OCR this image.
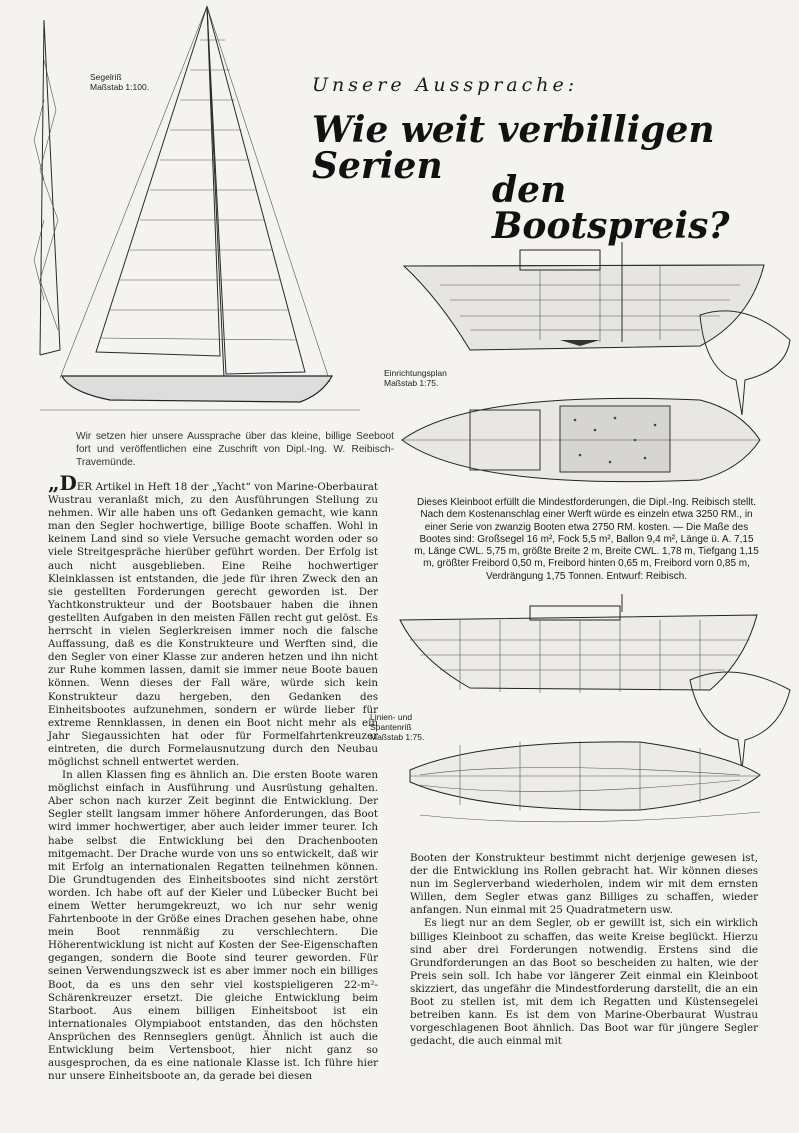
Segelriß
Maßstab 1:100.	Unsere Aussprache:
Wie weit verbilligen Serien
den Bootspreis?
Einrichtungsplan
Maßstab 1:75.
Wir setzen hier unsere Aussprache über das kleine, billige Seeboot fort und veröffentlichen eine Zuschrift von Dipl.-Ing. W. Reibisch-Travemünde.
Dieses Kleinboot erfüllt die Mindestforderungen, die Dipl.-Ing. Reibisch stellt. Nach dem Kostenanschlag einer Werft würde es einzeln etwa 3250 RM., in einer Serie von zwanzig Booten etwa 2750 RM. kosten. — Die Maße des Bootes sind: Großsegel 16 m², Fock 5,5 m², Ballon 9,4 m², Länge ü. A. 7,15 m, Länge CWL. 5,75 m, größte Breite 2 m, Breite CWL. 1,78 m, Tiefgang 1,15 m, größter Freibord 0,50 m, Freibord hinten 0,65 m, Freibord vorn 0,85 m, Verdrängung 1,75 Tonnen. Entwurf: Reibisch.
Linien- und
Spantenriß
Maßstab 1:75.

„DER Artikel in Heft 18 der „Yacht“ von Marine-Oberbaurat Wustrau veranlaßt mich, zu den Ausführungen Stellung zu nehmen. Wir alle haben uns oft Gedanken gemacht, wie kann man den Segler hochwertige, billige Boote schaffen. Wohl in keinem Land sind so viele Versuche gemacht worden oder so viele Streitgespräche hierüber geführt worden. Der Erfolg ist auch nicht ausgeblieben. Eine Reihe hochwertiger Kleinklassen ist entstanden, die jede für ihren Zweck den an sie gestellten Forderungen gerecht geworden ist. Der Yachtkonstrukteur und der Bootsbauer haben die ihnen gestellten Aufgaben in den meisten Fällen recht gut gelöst. Es herrscht in vielen Seglerkreisen immer noch die falsche Auffassung, daß es die Konstrukteure und Werften sind, die den Segler von einer Klasse zur anderen hetzen und ihn nicht zur Ruhe kommen lassen, damit sie immer neue Boote bauen können. Wenn dieses der Fall wäre, würde sich kein Konstrukteur dazu hergeben, den Gedanken des Einheitsbootes aufzunehmen, sondern er würde lieber für extreme Rennklassen, in denen ein Boot nicht mehr als ein Jahr Siegaussichten hat oder für Formelfahrtenkreuzer eintreten, die durch Formelausnutzung durch den Neubau möglichst schnell entwertet werden.

In allen Klassen fing es ähnlich an. Die ersten Boote waren möglichst einfach in Ausführung und Ausrüstung gehalten. Aber schon nach kurzer Zeit beginnt die Entwicklung. Der Segler stellt langsam immer höhere Anforderungen, das Boot wird immer hochwertiger, aber auch leider immer teurer. Ich habe selbst die Entwicklung bei den Drachenbooten mitgemacht. Der Drache wurde von uns so entwickelt, daß wir mit Erfolg an internationalen Regatten teilnehmen können. Die Grundtugenden des Einheitsbootes sind nicht zerstört worden. Ich habe oft auf der Kieler und Lübecker Bucht bei einem Wetter herumgekreuzt, wo ich nur sehr wenig Fahrtenboote in der Größe eines Drachen gesehen habe, ohne mein Boot rennmäßig zu verschlechtern. Die Höherentwicklung ist nicht auf Kosten der See-Eigenschaften gegangen, sondern die Boote sind teurer geworden. Für seinen Verwendungszweck ist es aber immer noch ein billiges Boot, da es uns den sehr viel kostspieligeren 22-m²-Schärenkreuzer ersetzt. Die gleiche Entwicklung beim Starboot. Aus einem billigen Einheitsboot ist ein internationales Olympiaboot entstanden, das den höchsten Ansprüchen des Rennseglers genügt. Ähnlich ist auch die Entwicklung beim Vertensboot, hier nicht ganz so ausgesprochen, da es eine nationale Klasse ist. Ich führe hier nur unsere Einheitsboote an, da gerade bei diesen

Booten der Konstrukteur bestimmt nicht derjenige gewesen ist, der die Entwicklung ins Rollen gebracht hat. Wir können dieses nun im Seglerverband wiederholen, indem wir mit dem ernsten Willen, dem Segler etwas ganz Billiges zu schaffen, wieder anfangen. Nun einmal mit 25 Quadratmetern usw.

Es liegt nur an dem Segler, ob er gewillt ist, sich ein wirklich billiges Kleinboot zu schaffen, das weite Kreise beglückt. Hierzu sind aber drei Forderungen notwendig. Erstens sind die Grundforderungen an das Boot so bescheiden zu halten, wie der Preis sein soll. Ich habe vor längerer Zeit einmal ein Kleinboot skizziert, das ungefähr die Mindestforderung darstellt, die an ein Boot zu stellen ist, mit dem ich Regatten und Küstensegelei betreiben kann. Es ist dem von Marine-Oberbaurat Wustrau vorgeschlagenen Boot ähnlich. Das Boot war für jüngere Segler gedacht, die auch einmal mit
